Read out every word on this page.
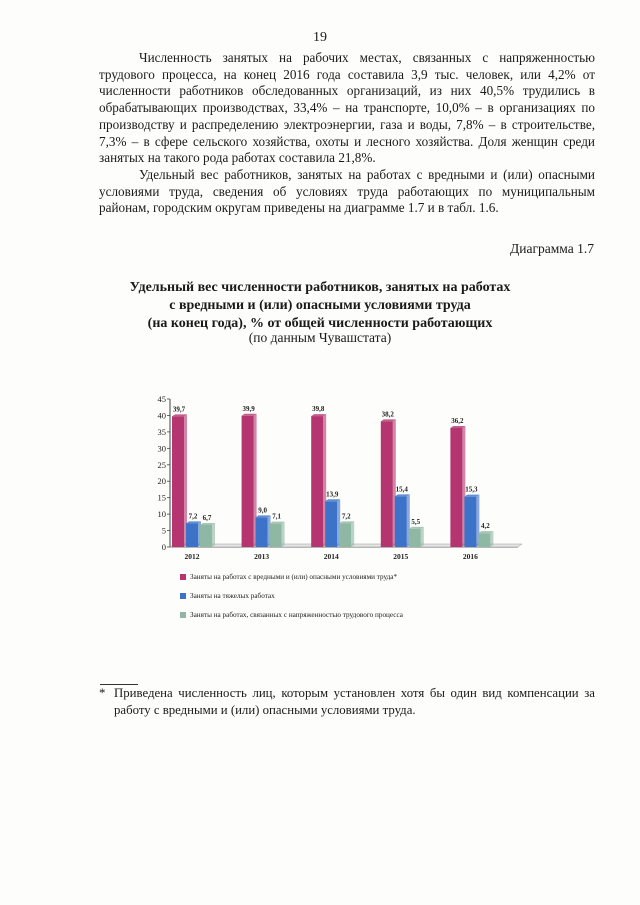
19

Численность занятых на рабочих местах, связанных с напряженностью трудового процесса, на конец 2016 года составила 3,9 тыс. человек, или 4,2% от численности работников обследованных организаций, из них 40,5% трудились в обрабатывающих производствах, 33,4% – на транспорте, 10,0% – в организациях по производству и распределению электроэнергии, газа и воды, 7,8% – в строительстве, 7,3% – в сфере сельского хозяйства, охоты и лесного хозяйства. Доля женщин среди занятых на такого рода работах составила 21,8%.

Удельный вес работников, занятых на работах с вредными и (или) опасными условиями труда, сведения об условиях труда работающих по муниципальным районам, городским округам приведены на диаграмме 1.7 и в табл. 1.6.

Диаграмма 1.7
Удельный вес численности работников, занятых на работах
с вредными и (или) опасными условиями труда
(на конец года), % от общей численности работающих
(по данным Чувашстата)
0
5
10
15
20
25
30
35
40
45
39,7
7,2 6,7
2012
39,9
9,0
7,1
2013
39,8
13,9
7,2
2014
38,2
15,4
5,5
2015
36,2
15,3
4,2
2016
Заняты на работах с вредными и (или) опасными условиями труда*
Заняты на тяжелых работах
Заняты на работах, связанных с напряженностью трудового процесса
* Приведена численность лиц, которым установлен хотя бы один вид компенсации за работу с вредными и (или) опасными условиями труда.
